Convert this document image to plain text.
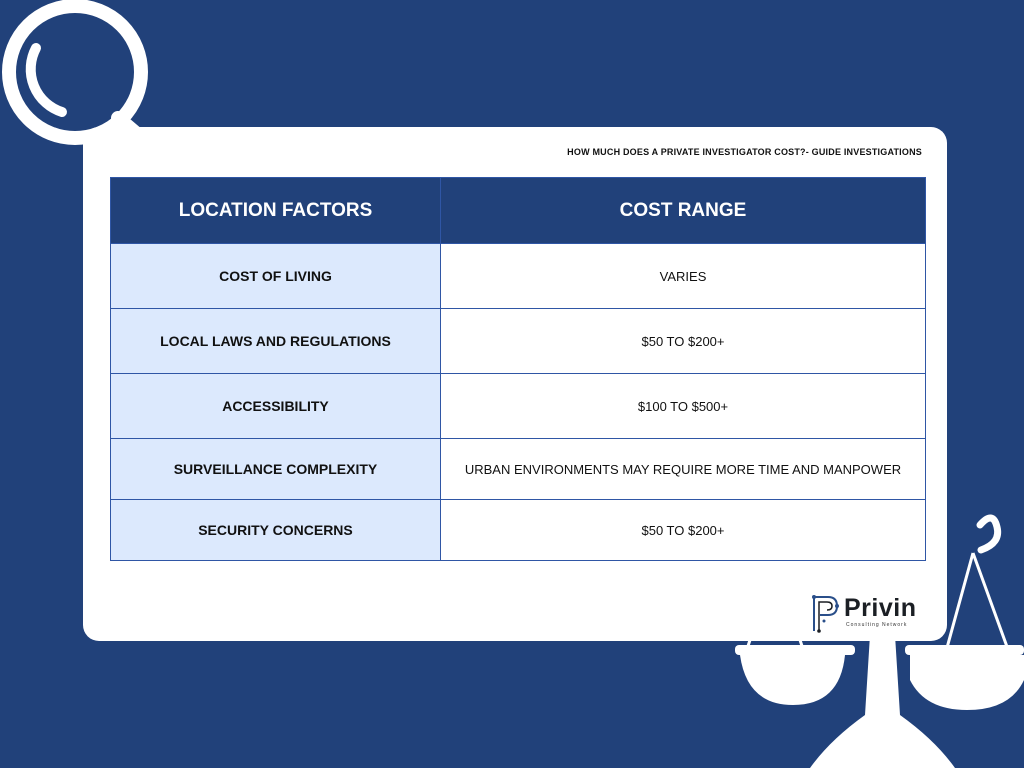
HOW MUCH DOES A PRIVATE INVESTIGATOR COST?- GUIDE INVESTIGATIONS
LOCATION FACTORS	COST RANGE
COST OF LIVING	VARIES
LOCAL LAWS AND REGULATIONS	$50 TO $200+
ACCESSIBILITY	$100 TO $500+
SURVEILLANCE COMPLEXITY	URBAN ENVIRONMENTS MAY REQUIRE MORE TIME AND MANPOWER
SECURITY CONCERNS	$50 TO $200+
Privin
Consulting Network
